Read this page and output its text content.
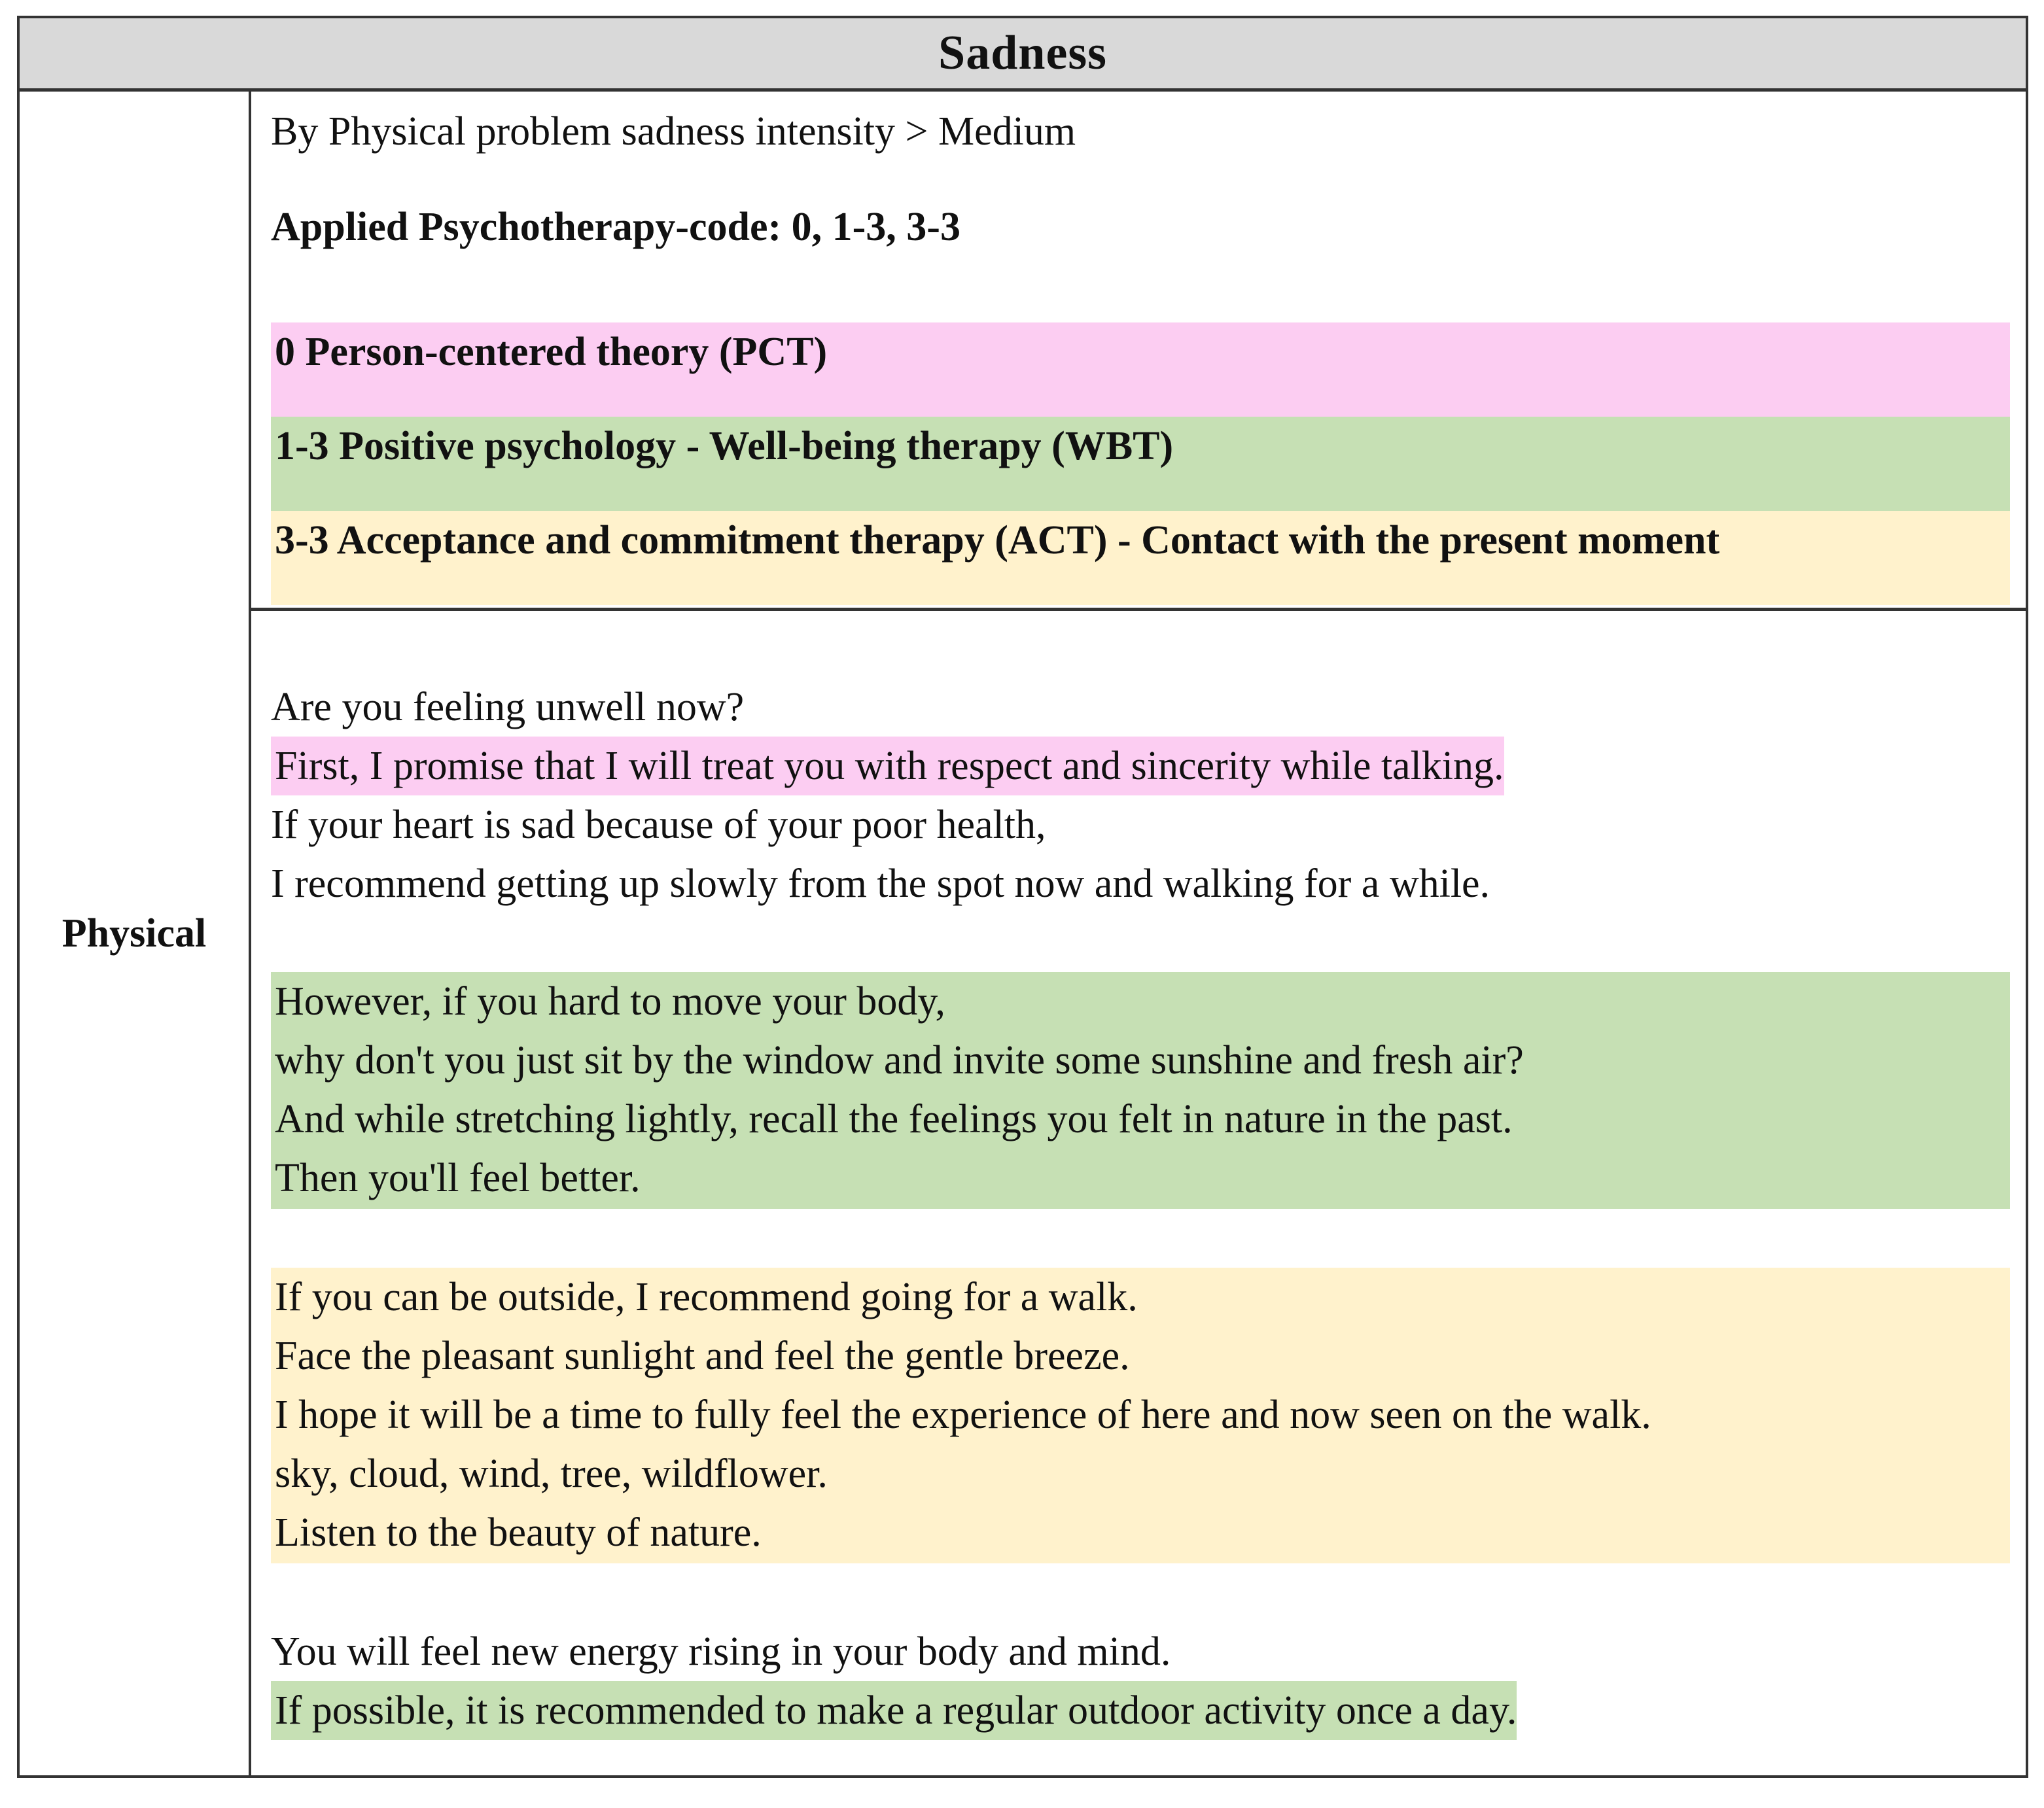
Sadness
Physical
By Physical problem sadness intensity > Medium
Applied Psychotherapy-code: 0, 1-3, 3-3
0 Person-centered theory (PCT)
1-3 Positive psychology - Well-being therapy (WBT)
3-3 Acceptance and commitment therapy (ACT) - Contact with the present moment
Are you feeling unwell now?
First, I promise that I will treat you with respect and sincerity while talking.
If your heart is sad because of your poor health,
I recommend getting up slowly from the spot now and walking for a while.
However, if you hard to move your body,
why don't you just sit by the window and invite some sunshine and fresh air?
And while stretching lightly, recall the feelings you felt in nature in the past.
Then you'll feel better.
If you can be outside, I recommend going for a walk.
Face the pleasant sunlight and feel the gentle breeze.
I hope it will be a time to fully feel the experience of here and now seen on the walk.
sky, cloud, wind, tree, wildflower.
Listen to the beauty of nature.
You will feel new energy rising in your body and mind.
If possible, it is recommended to make a regular outdoor activity once a day.
